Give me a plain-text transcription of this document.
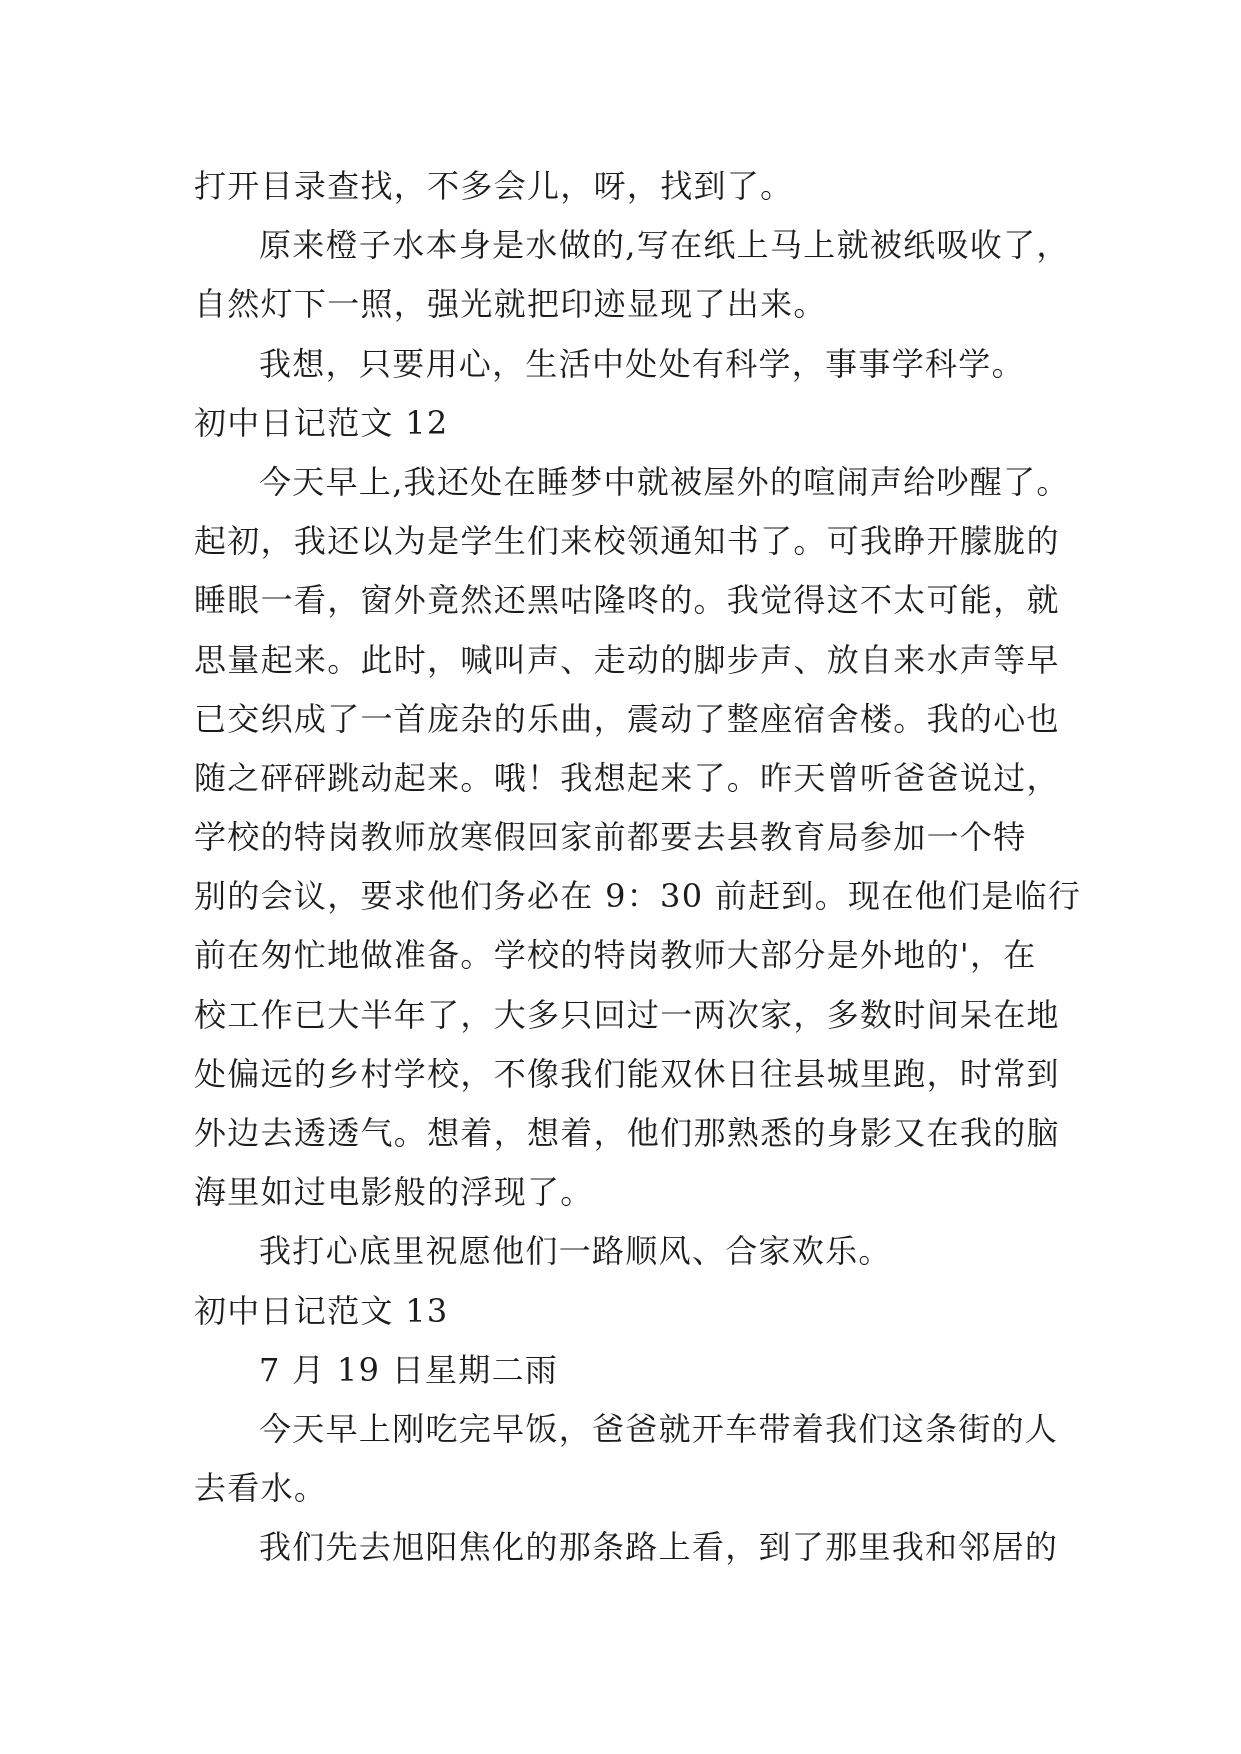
打开目录查找，不多会儿，呀，找到了。
原来橙子水本身是水做的,写在纸上马上就被纸吸收了，
自然灯下一照，强光就把印迹显现了出来。
我想，只要用心，生活中处处有科学，事事学科学。
初中日记范文 12
今天早上,我还处在睡梦中就被屋外的喧闹声给吵醒了。
起初，我还以为是学生们来校领通知书了。可我睁开朦胧的
睡眼一看，窗外竟然还黑咕隆咚的。我觉得这不太可能，就
思量起来。此时，喊叫声、走动的脚步声、放自来水声等早
已交织成了一首庞杂的乐曲，震动了整座宿舍楼。我的心也
随之砰砰跳动起来。哦！我想起来了。昨天曾听爸爸说过，
学校的特岗教师放寒假回家前都要去县教育局参加一个特
别的会议，要求他们务必在 9：30 前赶到。现在他们是临行
前在匆忙地做准备。学校的特岗教师大部分是外地的'，在
校工作已大半年了，大多只回过一两次家，多数时间呆在地
处偏远的乡村学校，不像我们能双休日往县城里跑，时常到
外边去透透气。想着，想着，他们那熟悉的身影又在我的脑
海里如过电影般的浮现了。
我打心底里祝愿他们一路顺风、合家欢乐。
初中日记范文 13
7 月 19 日星期二雨
今天早上刚吃完早饭，爸爸就开车带着我们这条街的人
去看水。
我们先去旭阳焦化的那条路上看，到了那里我和邻居的
